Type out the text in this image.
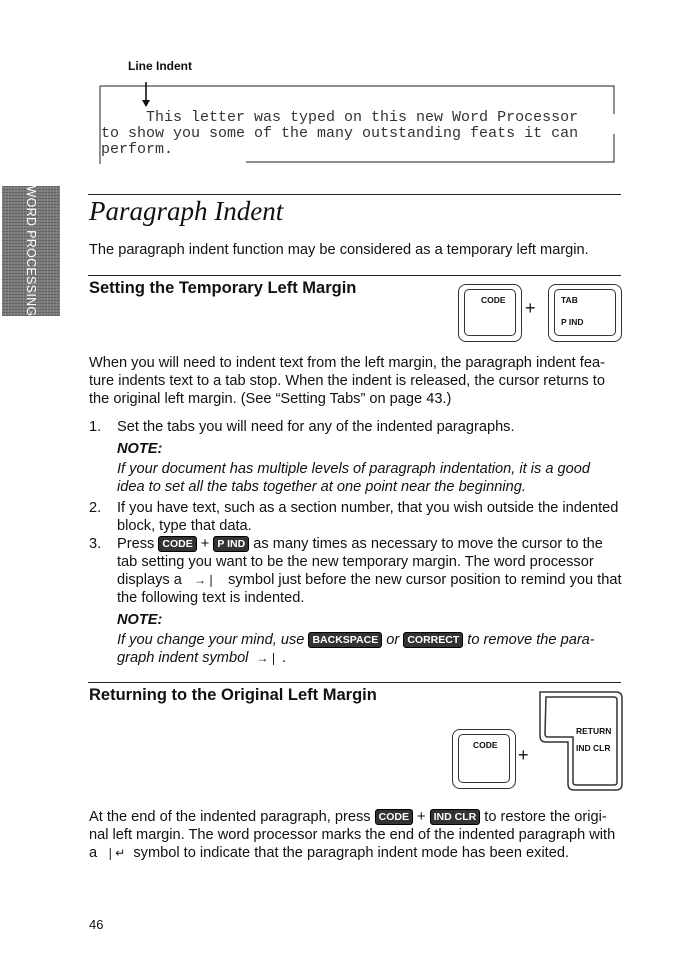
WORD PROCESSING
Line Indent
This letter was typed on this new Word Processor
to show you some of the many outstanding feats it can
perform.
Paragraph Indent
The paragraph indent function may be considered as a temporary left margin.
Setting the Temporary Left Margin
CODE +	TAB
P IND
When you will need to indent text from the left margin, the paragraph indent fea-
ture indents text to a tab stop. When the indent is released, the cursor returns to
the original left margin. (See “Setting Tabs” on page 43.)
1. Set the tabs you will need for any of the indented paragraphs.
NOTE:
If your document has multiple levels of paragraph indentation, it is a good
idea to set all the tabs together at one point near the beginning.
2. If you have text, such as a section number, that you wish outside the indented
block, type that data.
3. Press CODE + P IND as many times as necessary to move the cursor to the
tab setting you want to be the new temporary margin. The word processor
displays a →❘ symbol just before the new cursor position to remind you that
the following text is indented.
NOTE:
If you change your mind, use BACKSPACE or CORRECT to remove the para-
graph indent symbol →❘ .
Returning to the Original Left Margin
CODE +
RETURN
IND CLR
At the end of the indented paragraph, press CODE + IND CLR to restore the origi-
nal left margin. The word processor marks the end of the indented paragraph with
a ❘↵ symbol to indicate that the paragraph indent mode has been exited.
46
